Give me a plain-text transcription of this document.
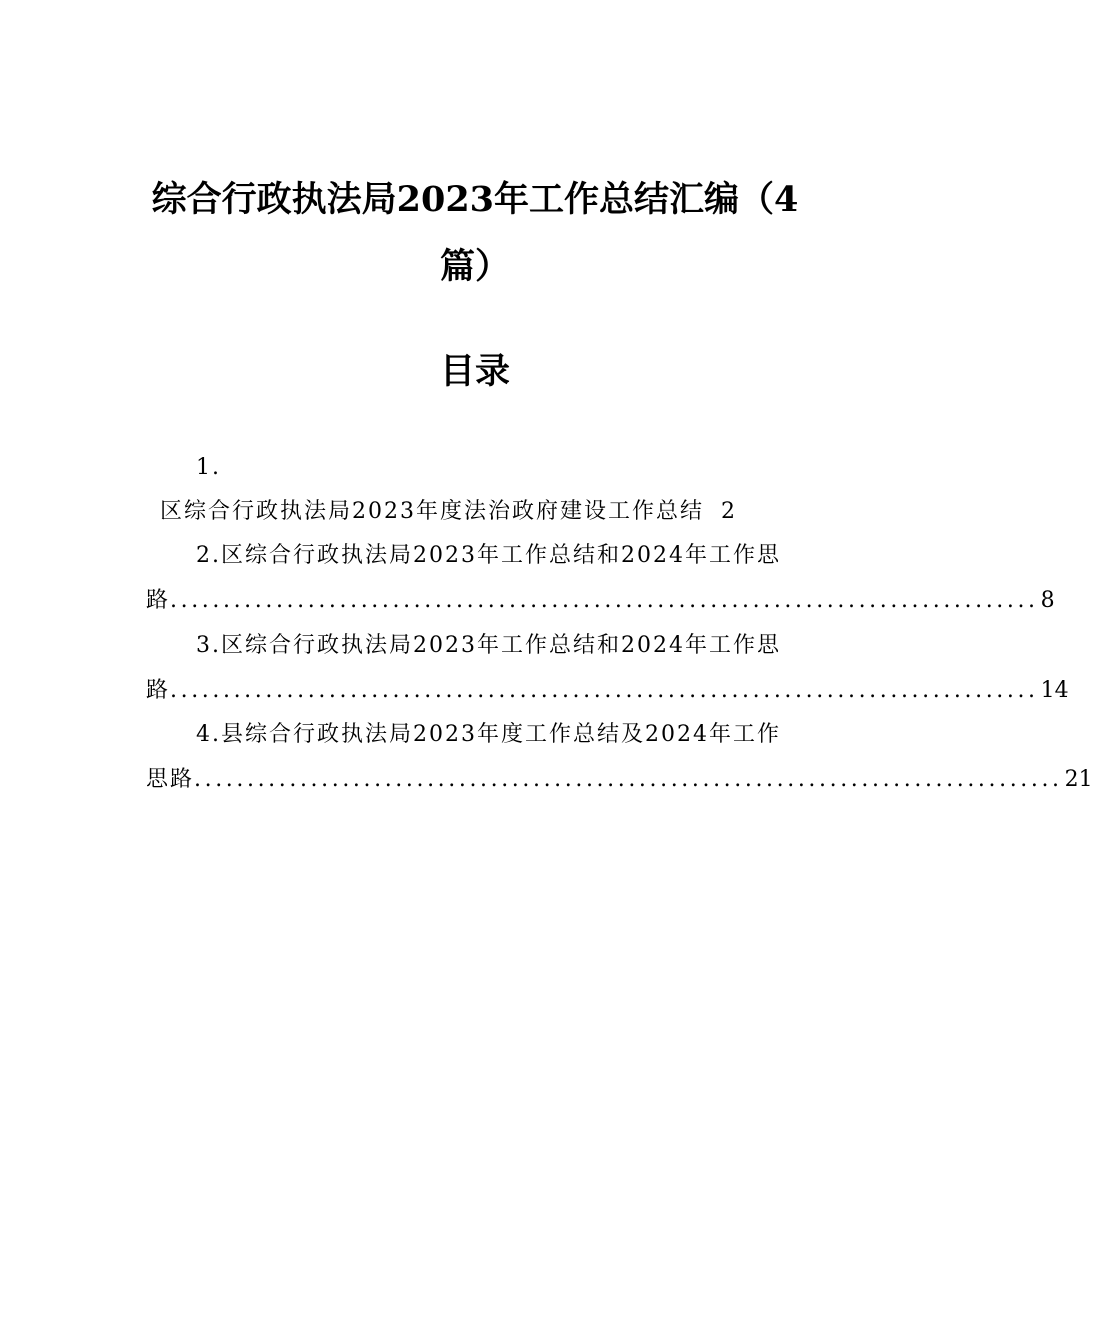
综合行政执法局2023年工作总结汇编（4
篇）
目录
1.
区综合行政执法局2023年度法治政府建设工作总结 2
2.区综合行政执法局2023年工作总结和2024年工作思
路 .................................................................................. 8
3.区综合行政执法局2023年工作总结和2024年工作思
路 .................................................................................. 14
4.县综合行政执法局2023年度工作总结及2024年工作
思路 .................................................................................. 21
